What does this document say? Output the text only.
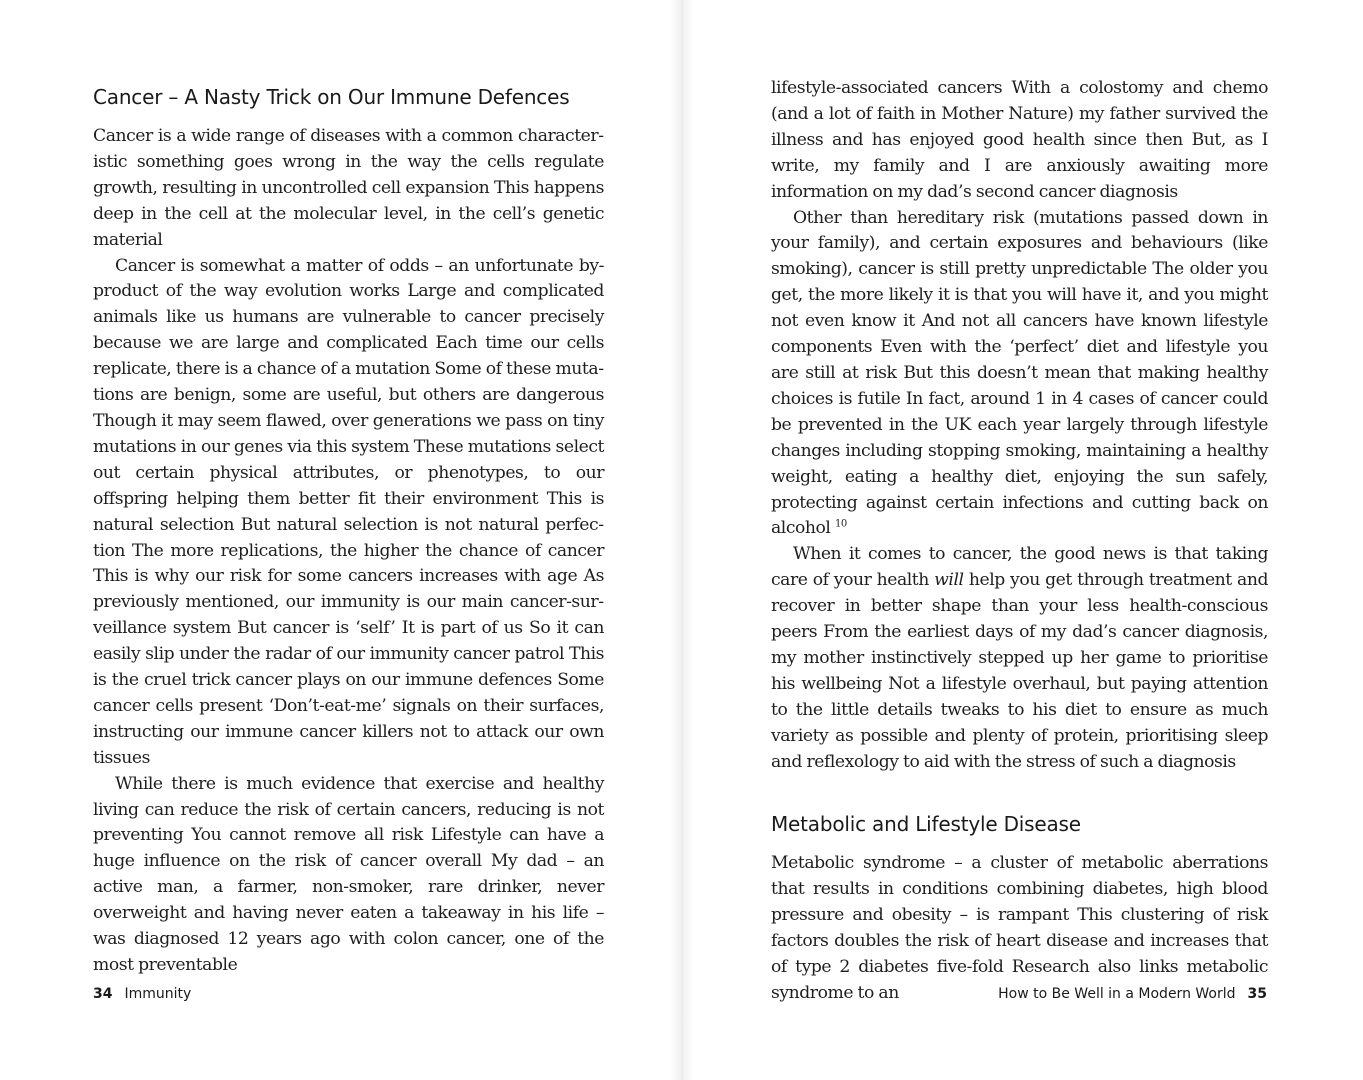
Cancer – A Nasty Trick on Our Immune Defences

Cancer is a wide range of diseases with a common characteristic something goes wrong in the way the cells regulate growth, resulting in uncontrolled cell expansion This happens deep in the cell at the molecular level, in the cell’s genetic material

Cancer is somewhat a matter of odds – an unfortunate by-product of the way evolution works Large and complicated animals like us humans are vulnerable to cancer precisely because we are large and complicated Each time our cells replicate, there is a chance of a mutation Some of these mutations are benign, some are useful, but others are dangerous Though it may seem flawed, over generations we pass on tiny mutations in our genes via this system These mutations select out certain physical attributes, or phenotypes, to our offspring helping them better fit their environment This is natural selection But natural selection is not natural perfection The more replications, the higher the chance of cancer This is why our risk for some cancers increases with age As previously mentioned, our immunity is our main cancer-surveillance system But cancer is ‘self’ It is part of us So it can easily slip under the radar of our immunity cancer patrol This is the cruel trick cancer plays on our immune defences Some cancer cells present ‘Don’t-eat-me’ signals on their surfaces, instructing our immune cancer killers not to attack our own tissues

While there is much evidence that exercise and healthy living can reduce the risk of certain cancers, reducing is not preventing You cannot remove all risk Lifestyle can have a huge influence on the risk of cancer overall My dad – an active man, a farmer, non-smoker, rare drinker, never overweight and having never eaten a takeaway in his life – was diagnosed 12 years ago with colon cancer, one of the most preventable

34 Immunity

lifestyle-associated cancers With a colostomy and chemo (and a lot of faith in Mother Nature) my father survived the illness and has enjoyed good health since then But, as I write, my family and I are anxiously awaiting more information on my dad’s second cancer diagnosis

Other than hereditary risk (mutations passed down in your family), and certain exposures and behaviours (like smoking), cancer is still pretty unpredictable The older you get, the more likely it is that you will have it, and you might not even know it And not all cancers have known lifestyle components Even with the ‘perfect’ diet and lifestyle you are still at risk But this doesn’t mean that making healthy choices is futile In fact, around 1 in 4 cases of cancer could be prevented in the UK each year largely through lifestyle changes including stopping smoking, maintaining a healthy weight, eating a healthy diet, enjoying the sun safely, protecting against certain infections and cutting back on alcohol $^{10}$

When it comes to cancer, the good news is that taking care of your health will help you get through treatment and recover in better shape than your less health-conscious peers From the earliest days of my dad’s cancer diagnosis, my mother instinctively stepped up her game to prioritise his wellbeing Not a lifestyle overhaul, but paying attention to the little details tweaks to his diet to ensure as much variety as possible and plenty of protein, prioritising sleep and reflexology to aid with the stress of such a diagnosis

Metabolic and Lifestyle Disease

Metabolic syndrome – a cluster of metabolic aberrations that results in conditions combining diabetes, high blood pressure and obesity – is rampant This clustering of risk factors doubles the risk of heart disease and increases that of type 2 diabetes five-fold Research also links metabolic syndrome to an	How to Be Well in a Modern World 35
